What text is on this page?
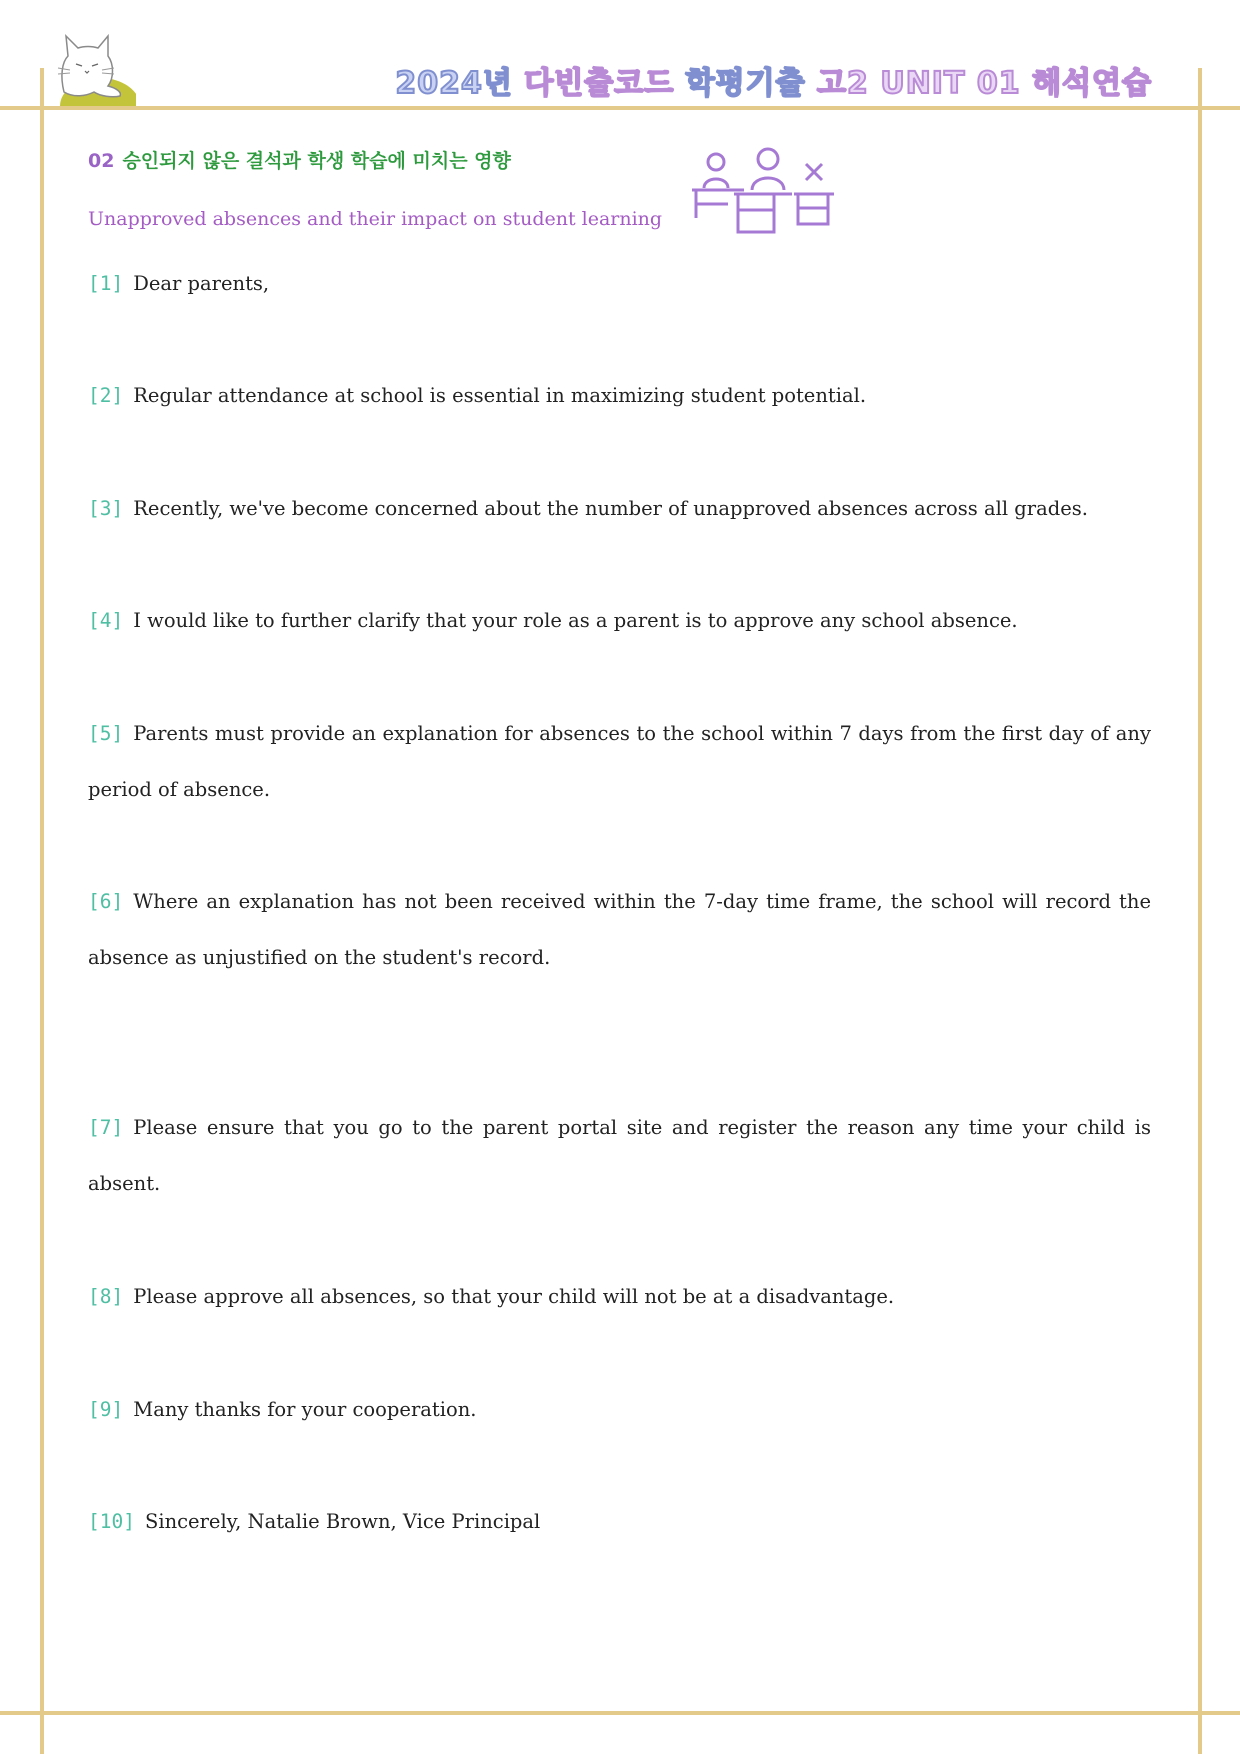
2024년 다빈출코드 학평기출 고2 UNIT 01 해석연습
02 승인되지 않은 결석과 학생 학습에 미치는 영향
Unapproved absences and their impact on student learning
[1] Dear parents,
[2] Regular attendance at school is essential in maximizing student potential.
[3] Recently, we've become concerned about the number of unapproved absences across all grades.
[4] I would like to further clarify that your role as a parent is to approve any school absence.
[5] Parents must provide an explanation for absences to the school within 7 days from the first day of any period of absence.
[6] Where an explanation has not been received within the 7-day time frame, the school will record the absence as unjustified on the student's record.
[7] Please ensure that you go to the parent portal site and register the reason any time your child is absent.
[8] Please approve all absences, so that your child will not be at a disadvantage.
[9] Many thanks for your cooperation.
[10] Sincerely, Natalie Brown, Vice Principal
